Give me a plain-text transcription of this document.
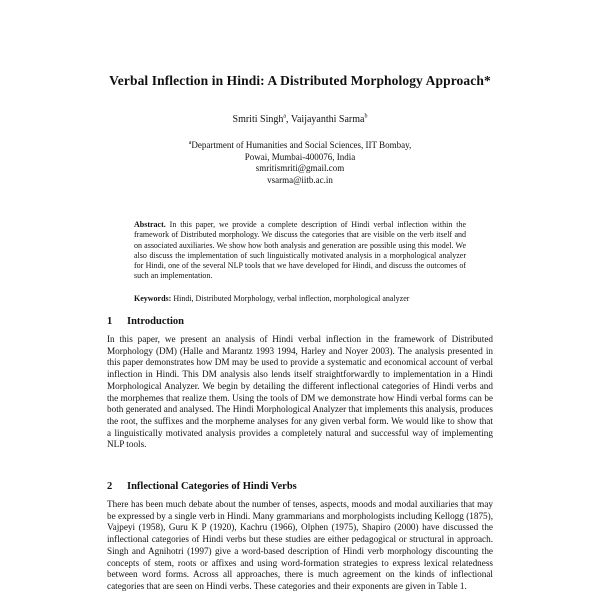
Verbal Inflection in Hindi: A Distributed Morphology Approach*
Smriti Singh$^a$, Vaijayanthi Sarma$^b$
$^a$Department of Humanities and Social Sciences, IIT Bombay,
Powai, Mumbai-400076, India
smritismriti@gmail.com
vsarma@iitb.ac.in
Abstract. In this paper, we provide a complete description of Hindi verbal inflection within the framework of Distributed morphology. We discuss the categories that are visible on the verb itself and on associated auxiliaries. We show how both analysis and generation are possible using this model. We also discuss the implementation of such linguistically motivated analysis in a morphological analyzer for Hindi, one of the several NLP tools that we have developed for Hindi, and discuss the outcomes of such an implementation.
Keywords: Hindi, Distributed Morphology, verbal inflection, morphological analyzer
1 Introduction
In this paper, we present an analysis of Hindi verbal inflection in the framework of Distributed Morphology (DM) (Halle and Marantz 1993 1994, Harley and Noyer 2003). The analysis presented in this paper demonstrates how DM may be used to provide a systematic and economical account of verbal inflection in Hindi. This DM analysis also lends itself straightforwardly to implementation in a Hindi Morphological Analyzer. We begin by detailing the different inflectional categories of Hindi verbs and the morphemes that realize them. Using the tools of DM we demonstrate how Hindi verbal forms can be both generated and analysed. The Hindi Morphological Analyzer that implements this analysis, produces the root, the suffixes and the morpheme analyses for any given verbal form. We would like to show that a linguistically motivated analysis provides a completely natural and successful way of implementing NLP tools.
2 Inflectional Categories of Hindi Verbs
There has been much debate about the number of tenses, aspects, moods and modal auxiliaries that may be expressed by a single verb in Hindi. Many grammarians and morphologists including Kellogg (1875), Vajpeyi (1958), Guru K P (1920), Kachru (1966), Olphen (1975), Shapiro (2000) have discussed the inflectional categories of Hindi verbs but these studies are either pedagogical or structural in approach. Singh and Agnihotri (1997) give a word-based description of Hindi verb morphology discounting the concepts of stem, roots or affixes and using word-formation strategies to express lexical relatedness between word forms. Across all approaches, there is much agreement on the kinds of inflectional categories that are seen on Hindi verbs. These categories and their exponents are given in Table 1.
